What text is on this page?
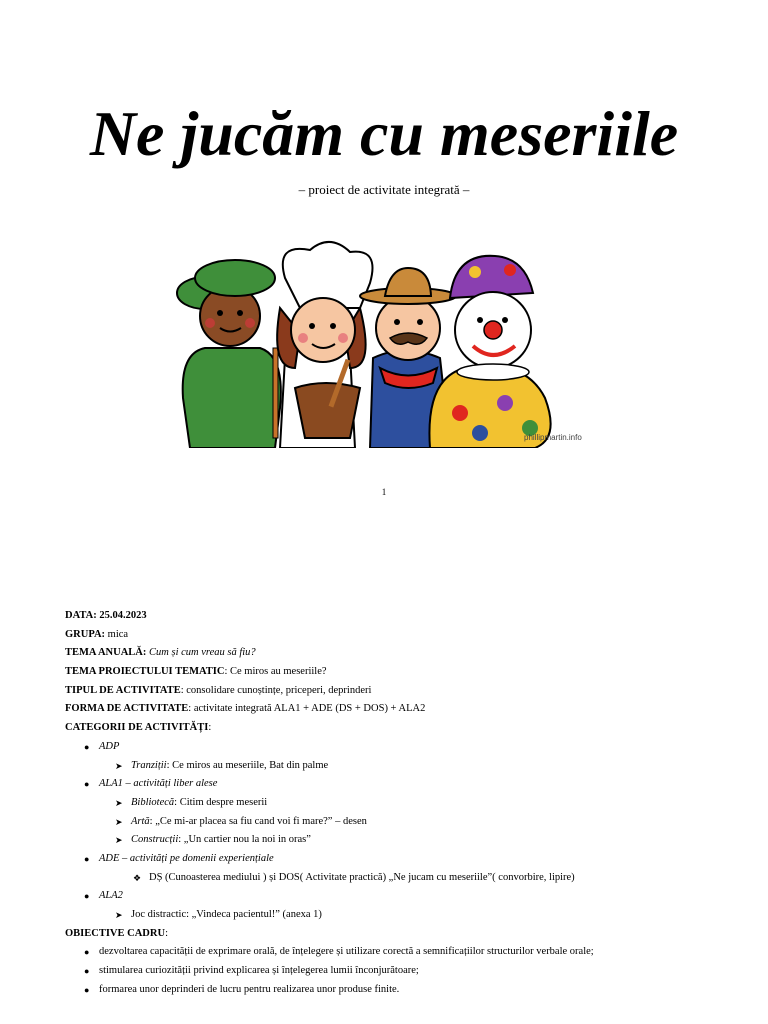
Ne jucăm cu meseriile
– proiect de activitate integrată –
phillipmartin.info
1
DATA: 25.04.2023
GRUPA: mica
TEMA ANUALĂ: Cum și cum vreau să fiu?
TEMA PROIECTULUI TEMATIC: Ce miros au meseriile?
TIPUL DE ACTIVITATE: consolidare cunoștințe, priceperi, deprinderi
FORMA DE ACTIVITATE: activitate integrată ALA1 + ADE (DS + DOS) + ALA2
CATEGORII DE ACTIVITĂȚI:
● ADP
➤ Tranziții: Ce miros au meseriile, Bat din palme
● ALA1 – activități liber alese
➤ Bibliotecă: Citim despre meserii
➤ Artă: „Ce mi-ar placea sa fiu cand voi fi mare?” – desen
➤ Construcții: „Un cartier nou la noi in oras”
● ADE – activități pe domenii experiențiale
❖ DȘ (Cunoasterea mediului ) și DOS( Activitate practică) „Ne jucam cu meseriile”( convorbire, lipire)
● ALA2
➤ Joc distractic: „Vindeca pacientul!” (anexa 1)
OBIECTIVE CADRU:
● dezvoltarea capacității de exprimare orală, de înțelegere și utilizare corectă a semnificațiilor structurilor verbale orale;
● stimularea curiozității privind explicarea și înțelegerea lumii înconjurătoare;
● formarea unor deprinderi de lucru pentru realizarea unor produse finite.
